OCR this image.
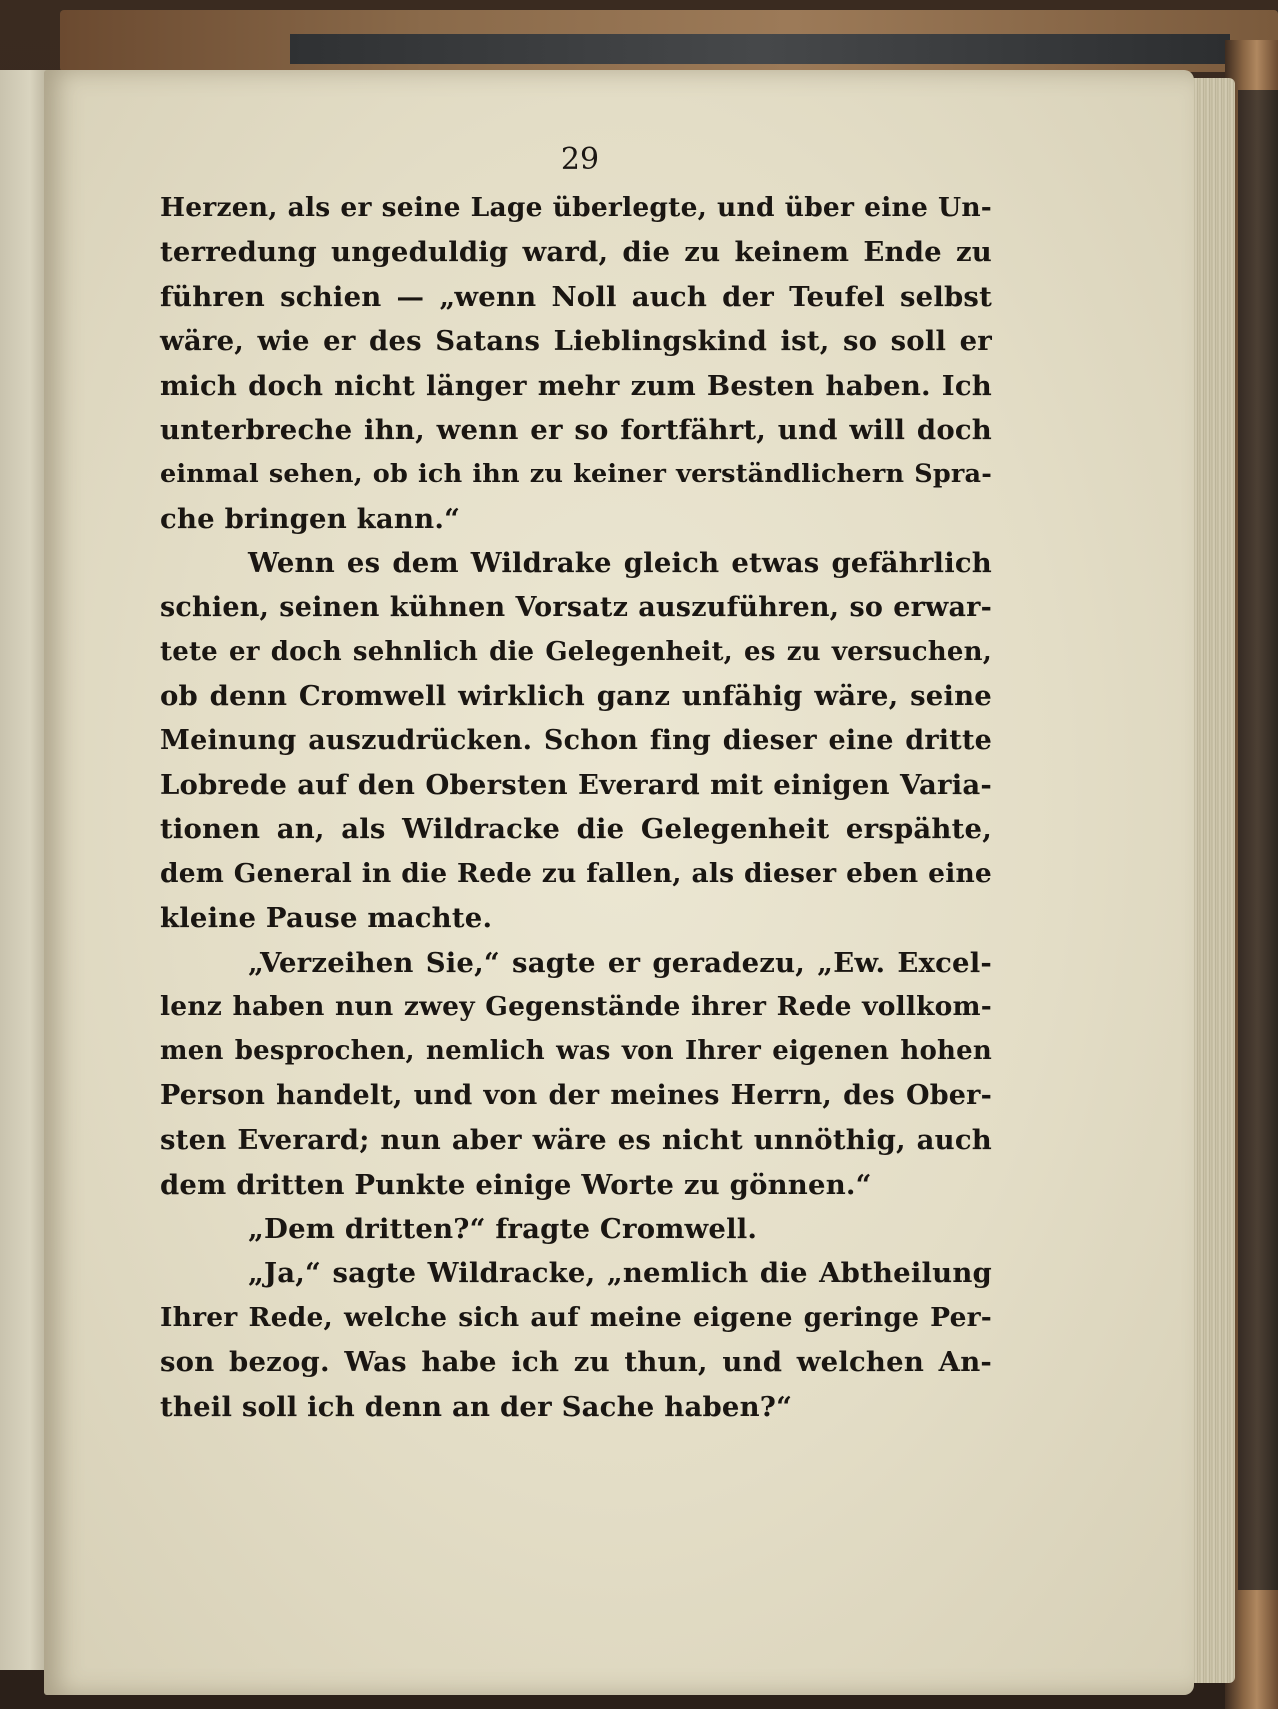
29
Herzen, als er seine Lage überlegte, und über eine Un-
terredung ungeduldig ward, die zu keinem Ende zu
führen schien — „wenn Noll auch der Teufel selbst
wäre, wie er des Satans Lieblingskind ist, so soll er
mich doch nicht länger mehr zum Besten haben. Ich
unterbreche ihn, wenn er so fortfährt, und will doch
einmal sehen, ob ich ihn zu keiner verständlichern Spra-
che bringen kann.“
Wenn es dem Wildrake gleich etwas gefährlich
schien, seinen kühnen Vorsatz auszuführen, so erwar-
tete er doch sehnlich die Gelegenheit, es zu versuchen,
ob denn Cromwell wirklich ganz unfähig wäre, seine
Meinung auszudrücken. Schon fing dieser eine dritte
Lobrede auf den Obersten Everard mit einigen Varia-
tionen an, als Wildracke die Gelegenheit erspähte,
dem General in die Rede zu fallen, als dieser eben eine
kleine Pause machte.
„Verzeihen Sie,“ sagte er geradezu, „Ew. Excel-
lenz haben nun zwey Gegenstände ihrer Rede vollkom-
men besprochen, nemlich was von Ihrer eigenen hohen
Person handelt, und von der meines Herrn, des Ober-
sten Everard; nun aber wäre es nicht unnöthig, auch
dem dritten Punkte einige Worte zu gönnen.“
„Dem dritten?“ fragte Cromwell.
„Ja,“ sagte Wildracke, „nemlich die Abtheilung
Ihrer Rede, welche sich auf meine eigene geringe Per-
son bezog. Was habe ich zu thun, und welchen An-
theil soll ich denn an der Sache haben?“
